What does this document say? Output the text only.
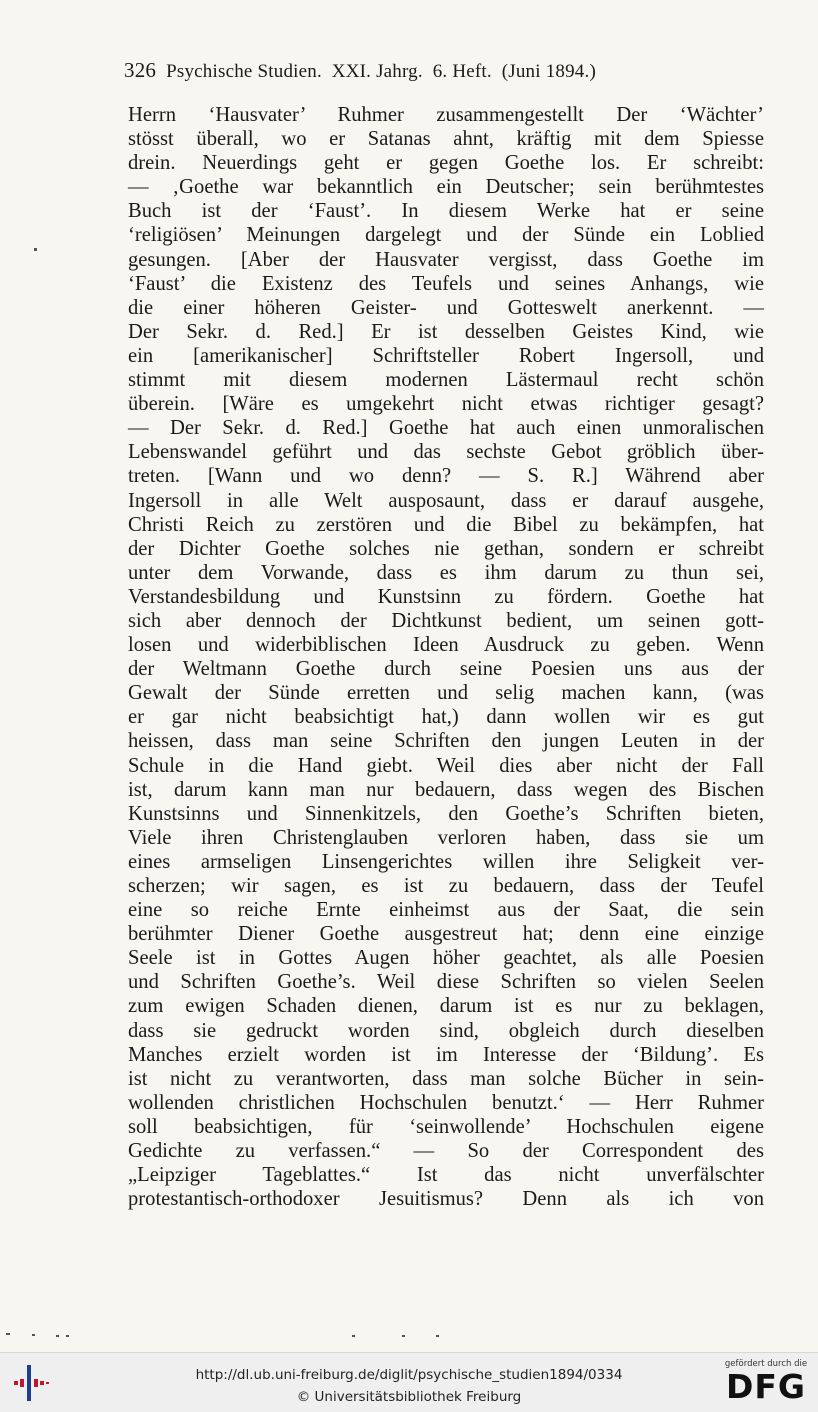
326 Psychische Studien.  XXI. Jahrg.  6. Heft.  (Juni 1894.)
Herrn ‘Hausvater’ Ruhmer zusammengestellt Der ‘Wächter’
stösst überall, wo er Satanas ahnt, kräftig mit dem Spiesse
drein. Neuerdings geht er gegen Goethe los. Er schreibt:
— ‚Goethe war bekanntlich ein Deutscher; sein berühmtestes
Buch ist der ‘Faust’. In diesem Werke hat er seine
‘religiösen’ Meinungen dargelegt und der Sünde ein Loblied
gesungen. [Aber der Hausvater vergisst, dass Goethe im
‘Faust’ die Existenz des Teufels und seines Anhangs, wie
die einer höheren Geister- und Gotteswelt anerkennt. —
Der Sekr. d. Red.] Er ist desselben Geistes Kind, wie
ein [amerikanischer] Schriftsteller Robert Ingersoll, und
stimmt mit diesem modernen Lästermaul recht schön
überein. [Wäre es umgekehrt nicht etwas richtiger gesagt?
— Der Sekr. d. Red.] Goethe hat auch einen unmoralischen
Lebenswandel geführt und das sechste Gebot gröblich über-
treten. [Wann und wo denn? — S. R.] Während aber
Ingersoll in alle Welt ausposaunt, dass er darauf ausgehe,
Christi Reich zu zerstören und die Bibel zu bekämpfen, hat
der Dichter Goethe solches nie gethan, sondern er schreibt
unter dem Vorwande, dass es ihm darum zu thun sei,
Verstandesbildung und Kunstsinn zu fördern. Goethe hat
sich aber dennoch der Dichtkunst bedient, um seinen gott-
losen und widerbiblischen Ideen Ausdruck zu geben. Wenn
der Weltmann Goethe durch seine Poesien uns aus der
Gewalt der Sünde erretten und selig machen kann, (was
er gar nicht beabsichtigt hat,) dann wollen wir es gut
heissen, dass man seine Schriften den jungen Leuten in der
Schule in die Hand giebt. Weil dies aber nicht der Fall
ist, darum kann man nur bedauern, dass wegen des Bischen
Kunstsinns und Sinnenkitzels, den Goethe’s Schriften bieten,
Viele ihren Christenglauben verloren haben, dass sie um
eines armseligen Linsengerichtes willen ihre Seligkeit ver-
scherzen; wir sagen, es ist zu bedauern, dass der Teufel
eine so reiche Ernte einheimst aus der Saat, die sein
berühmter Diener Goethe ausgestreut hat; denn eine einzige
Seele ist in Gottes Augen höher geachtet, als alle Poesien
und Schriften Goethe’s. Weil diese Schriften so vielen Seelen
zum ewigen Schaden dienen, darum ist es nur zu beklagen,
dass sie gedruckt worden sind, obgleich durch dieselben
Manches erzielt worden ist im Interesse der ‘Bildung’. Es
ist nicht zu verantworten, dass man solche Bücher in sein-
wollenden christlichen Hochschulen benutzt.‘ — Herr Ruhmer
soll beabsichtigen, für ‘seinwollende’ Hochschulen eigene
Gedichte zu verfassen.“ — So der Correspondent des
„Leipziger Tageblattes.“ Ist das nicht unverfälschter
protestantisch-orthodoxer Jesuitismus? Denn als ich von
http://dl.ub.uni-freiburg.de/diglit/psychische_studien1894/0334
© Universitätsbibliothek Freiburg
gefördert durch die
DFG
